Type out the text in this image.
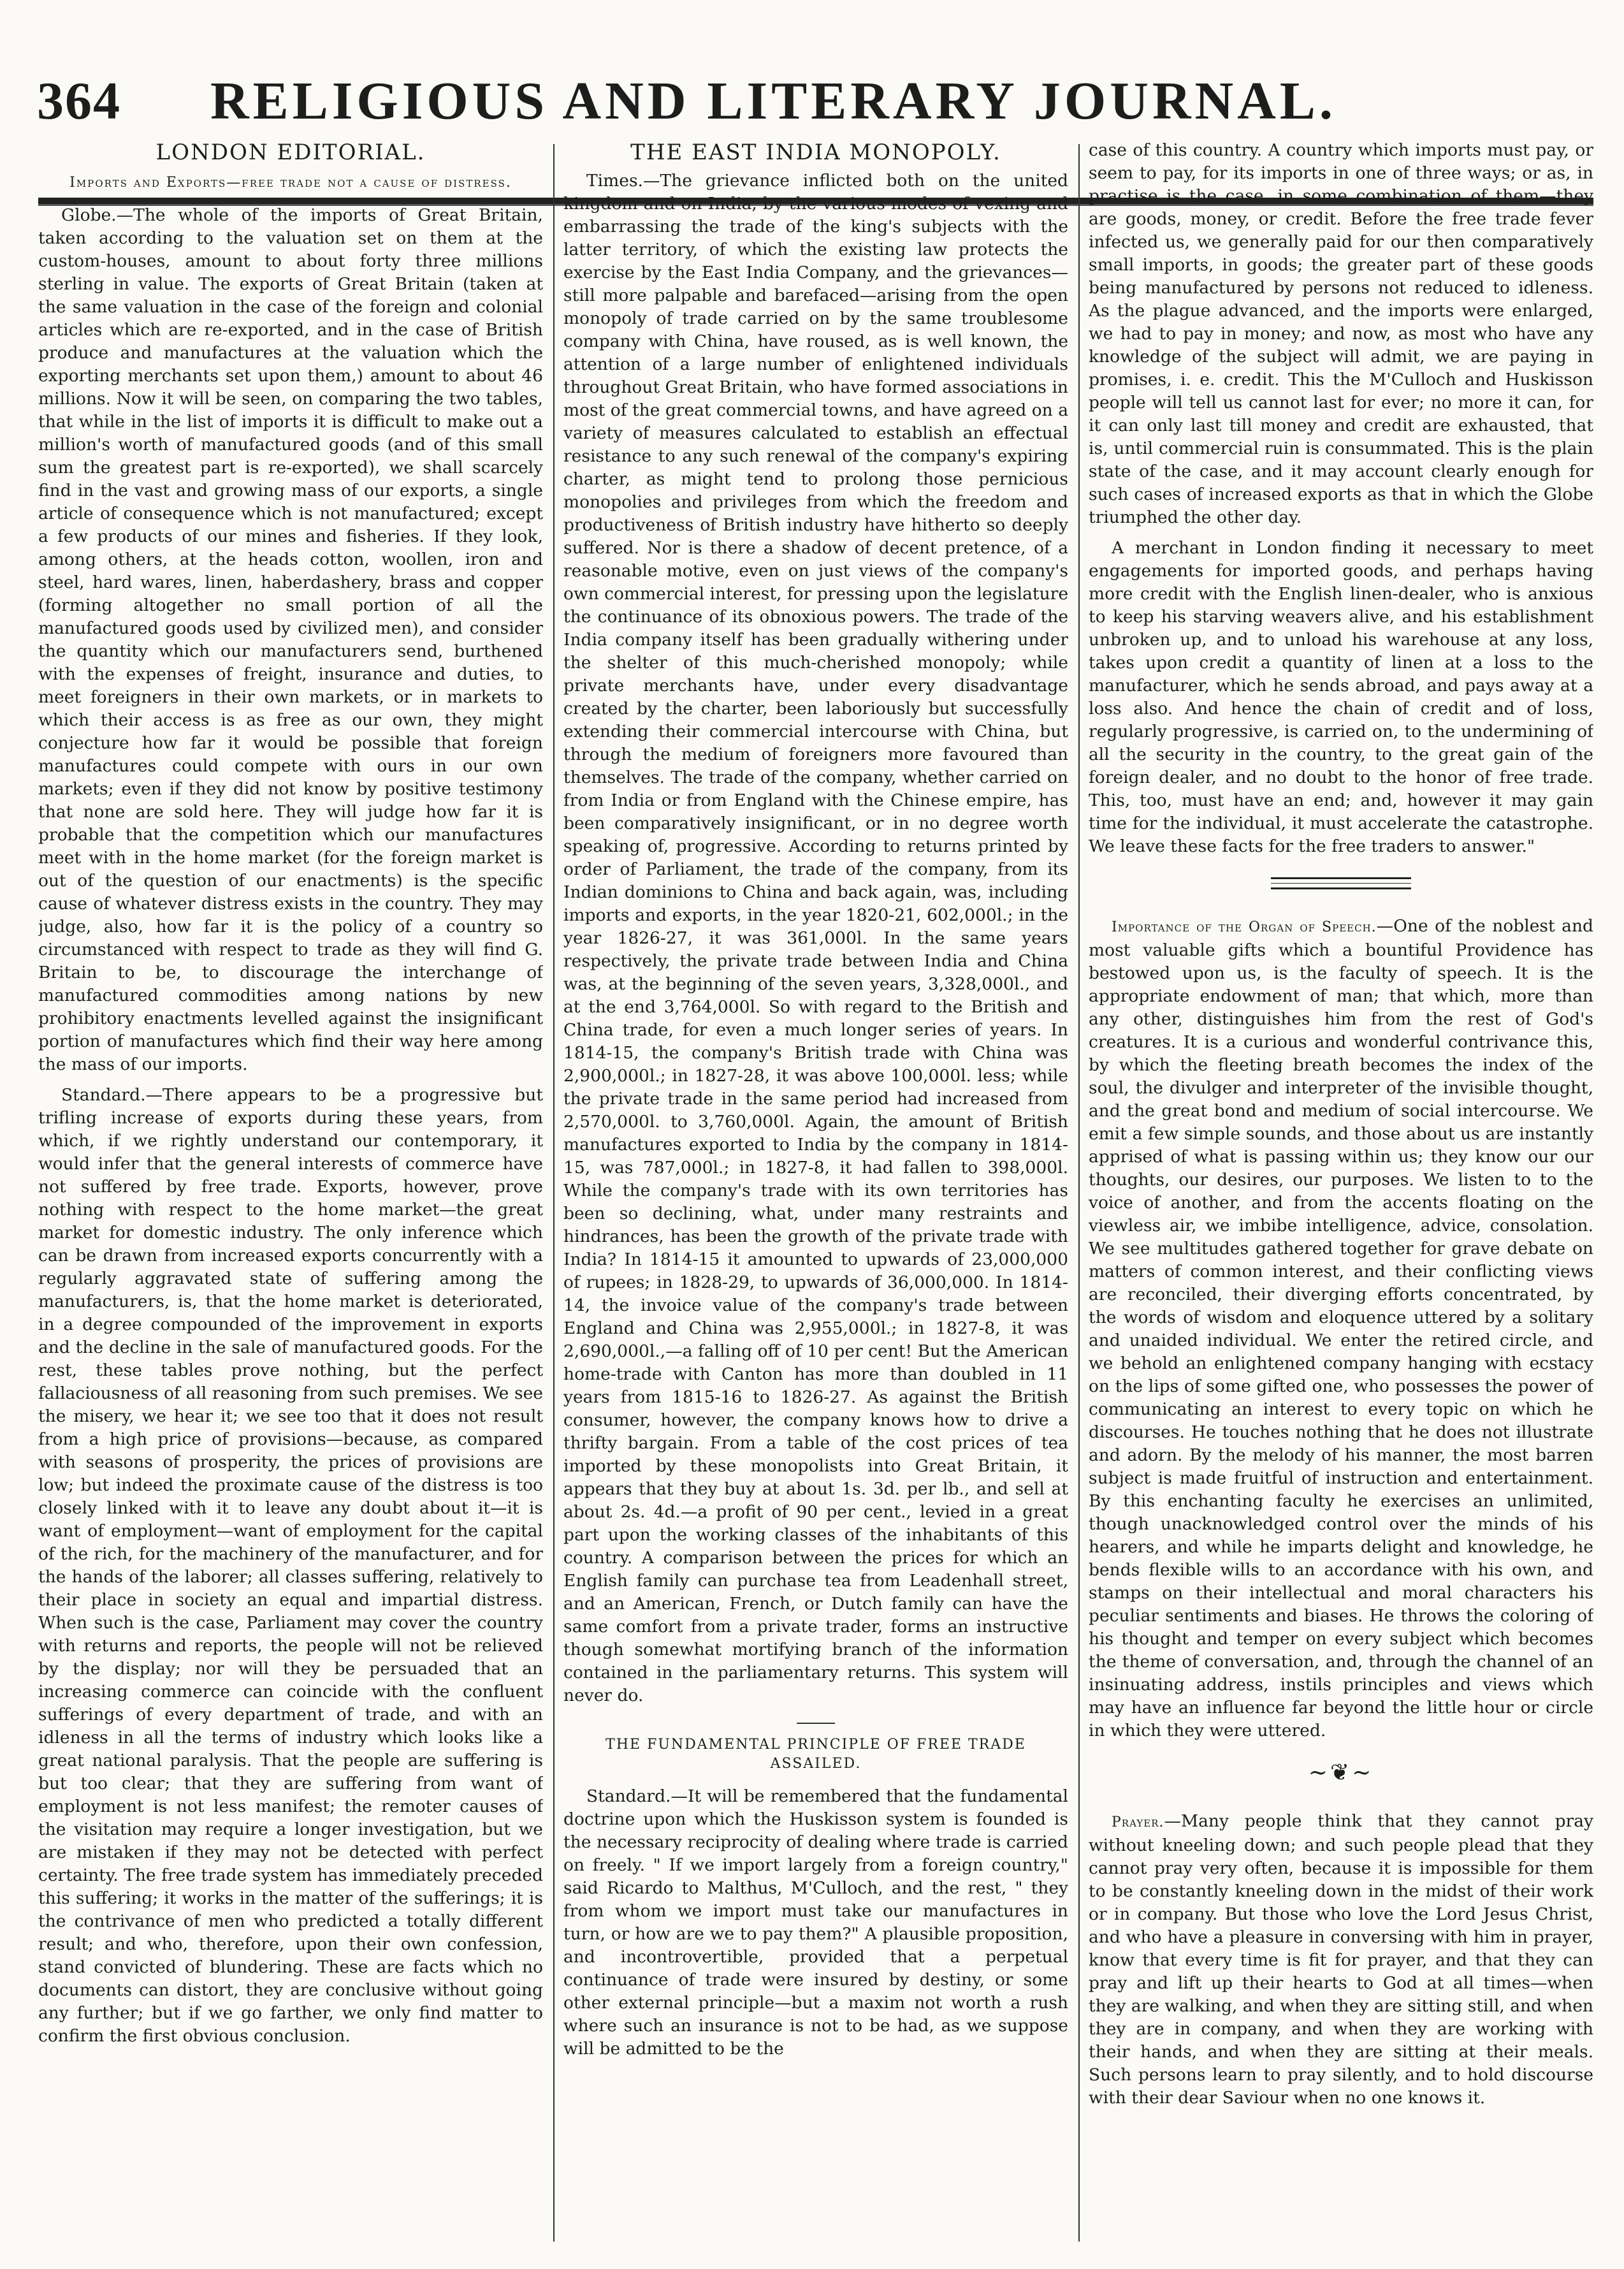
364 RELIGIOUS AND LITERARY JOURNAL.
LONDON EDITORIAL.
Imports and Exports—free trade not a cause of distress.

Globe.—The whole of the imports of Great Britain, taken according to the valuation set on them at the custom-houses, amount to about forty three millions sterling in value. The exports of Great Britain (taken at the same valuation in the case of the foreign and colonial articles which are re-exported, and in the case of British produce and manufactures at the valuation which the exporting merchants set upon them,) amount to about 46 millions. Now it will be seen, on comparing the two tables, that while in the list of imports it is difficult to make out a million's worth of manufactured goods (and of this small sum the greatest part is re-exported), we shall scarcely find in the vast and growing mass of our exports, a single article of consequence which is not manufactured; except a few products of our mines and fisheries. If they look, among others, at the heads cotton, woollen, iron and steel, hard wares, linen, haberdashery, brass and copper (forming altogether no small portion of all the manufactured goods used by civilized men), and consider the quantity which our manufacturers send, burthened with the expenses of freight, insurance and duties, to meet foreigners in their own markets, or in markets to which their access is as free as our own, they might conjecture how far it would be possible that foreign manufactures could compete with ours in our own markets; even if they did not know by positive testimony that none are sold here. They will judge how far it is probable that the competition which our manufactures meet with in the home market (for the foreign market is out of the question of our enactments) is the specific cause of whatever distress exists in the country. They may judge, also, how far it is the policy of a country so circumstanced with respect to trade as they will find G. Britain to be, to discourage the interchange of manufactured commodities among nations by new prohibitory enactments levelled against the insignificant portion of manufactures which find their way here among the mass of our imports.

Standard.—There appears to be a progressive but trifling increase of exports during these years, from which, if we rightly understand our contemporary, it would infer that the general interests of commerce have not suffered by free trade. Exports, however, prove nothing with respect to the home market—the great market for domestic industry. The only inference which can be drawn from increased exports concurrently with a regularly aggravated state of suffering among the manufacturers, is, that the home market is deteriorated, in a degree compounded of the improvement in exports and the decline in the sale of manufactured goods. For the rest, these tables prove nothing, but the perfect fallaciousness of all reasoning from such premises. We see the misery, we hear it; we see too that it does not result from a high price of provisions—because, as compared with seasons of prosperity, the prices of provisions are low; but indeed the proximate cause of the distress is too closely linked with it to leave any doubt about it—it is want of employment—want of employment for the capital of the rich, for the machinery of the manufacturer, and for the hands of the laborer; all classes suffering, relatively to their place in society an equal and impartial distress. When such is the case, Parliament may cover the country with returns and reports, the people will not be relieved by the display; nor will they be persuaded that an increasing commerce can coincide with the confluent sufferings of every department of trade, and with an idleness in all the terms of industry which looks like a great national paralysis. That the people are suffering is but too clear; that they are suffering from want of employment is not less manifest; the remoter causes of the visitation may require a longer investigation, but we are mistaken if they may not be detected with perfect certainty. The free trade system has immediately preceded this suffering; it works in the matter of the sufferings; it is the contrivance of men who predicted a totally different result; and who, therefore, upon their own confession, stand convicted of blundering. These are facts which no documents can distort, they are conclusive without going any further; but if we go farther, we only find matter to confirm the first obvious conclusion.

THE EAST INDIA MONOPOLY.

Times.—The grievance inflicted both on the united kingdom and on India, by the various modes of vexing and embarrassing the trade of the king's subjects with the latter territory, of which the existing law protects the exercise by the East India Company, and the grievances—still more palpable and barefaced—arising from the open monopoly of trade carried on by the same troublesome company with China, have roused, as is well known, the attention of a large number of enlightened individuals throughout Great Britain, who have formed associations in most of the great commercial towns, and have agreed on a variety of measures calculated to establish an effectual resistance to any such renewal of the company's expiring charter, as might tend to prolong those pernicious monopolies and privileges from which the freedom and productiveness of British industry have hitherto so deeply suffered. Nor is there a shadow of decent pretence, of a reasonable motive, even on just views of the company's own commercial interest, for pressing upon the legislature the continuance of its obnoxious powers. The trade of the India company itself has been gradually withering under the shelter of this much-cherished monopoly; while private merchants have, under every disadvantage created by the charter, been laboriously but successfully extending their commercial intercourse with China, but through the medium of foreigners more favoured than themselves. The trade of the company, whether carried on from India or from England with the Chinese empire, has been comparatively insignificant, or in no degree worth speaking of, progressive. According to returns printed by order of Parliament, the trade of the company, from its Indian dominions to China and back again, was, including imports and exports, in the year 1820-21, 602,000l.; in the year 1826-27, it was 361,000l. In the same years respectively, the private trade between India and China was, at the beginning of the seven years, 3,328,000l., and at the end 3,764,000l. So with regard to the British and China trade, for even a much longer series of years. In 1814-15, the company's British trade with China was 2,900,000l.; in 1827-28, it was above 100,000l. less; while the private trade in the same period had increased from 2,570,000l. to 3,760,000l. Again, the amount of British manufactures exported to India by the company in 1814-15, was 787,000l.; in 1827-8, it had fallen to 398,000l. While the company's trade with its own territories has been so declining, what, under many restraints and hindrances, has been the growth of the private trade with India? In 1814-15 it amounted to upwards of 23,000,000 of rupees; in 1828-29, to upwards of 36,000,000. In 1814-14, the invoice value of the company's trade between England and China was 2,955,000l.; in 1827-8, it was 2,690,000l.,—a falling off of 10 per cent! But the American home-trade with Canton has more than doubled in 11 years from 1815-16 to 1826-27. As against the British consumer, however, the company knows how to drive a thrifty bargain. From a table of the cost prices of tea imported by these monopolists into Great Britain, it appears that they buy at about 1s. 3d. per lb., and sell at about 2s. 4d.—a profit of 90 per cent., levied in a great part upon the working classes of the inhabitants of this country. A comparison between the prices for which an English family can purchase tea from Leadenhall street, and an American, French, or Dutch family can have the same comfort from a private trader, forms an instructive though somewhat mortifying branch of the information contained in the parliamentary returns. This system will never do.

THE FUNDAMENTAL PRINCIPLE OF FREE TRADE ASSAILED.

Standard.—It will be remembered that the fundamental doctrine upon which the Huskisson system is founded is the necessary reciprocity of dealing where trade is carried on freely. " If we import largely from a foreign country," said Ricardo to Malthus, M'Culloch, and the rest, " they from whom we import must take our manufactures in turn, or how are we to pay them?" A plausible proposition, and incontrovertible, provided that a perpetual continuance of trade were insured by destiny, or some other external principle—but a maxim not worth a rush where such an insurance is not to be had, as we suppose will be admitted to be the

case of this country. A country which imports must pay, or seem to pay, for its imports in one of three ways; or as, in practise is the case, in some combination of them—they are goods, money, or credit. Before the free trade fever infected us, we generally paid for our then comparatively small imports, in goods; the greater part of these goods being manufactured by persons not reduced to idleness. As the plague advanced, and the imports were enlarged, we had to pay in money; and now, as most who have any knowledge of the subject will admit, we are paying in promises, i. e. credit. This the M'Culloch and Huskisson people will tell us cannot last for ever; no more it can, for it can only last till money and credit are exhausted, that is, until commercial ruin is consummated. This is the plain state of the case, and it may account clearly enough for such cases of increased exports as that in which the Globe triumphed the other day.

A merchant in London finding it necessary to meet engagements for imported goods, and perhaps having more credit with the English linen-dealer, who is anxious to keep his starving weavers alive, and his establishment unbroken up, and to unload his warehouse at any loss, takes upon credit a quantity of linen at a loss to the manufacturer, which he sends abroad, and pays away at a loss also. And hence the chain of credit and of loss, regularly progressive, is carried on, to the undermining of all the security in the country, to the great gain of the foreign dealer, and no doubt to the honor of free trade. This, too, must have an end; and, however it may gain time for the individual, it must accelerate the catastrophe. We leave these facts for the free traders to answer."

Importance of the Organ of Speech.—One of the noblest and most valuable gifts which a bountiful Providence has bestowed upon us, is the faculty of speech. It is the appropriate endowment of man; that which, more than any other, distinguishes him from the rest of God's creatures. It is a curious and wonderful contrivance this, by which the fleeting breath becomes the index of the soul, the divulger and interpreter of the invisible thought, and the great bond and medium of social intercourse. We emit a few simple sounds, and those about us are instantly apprised of what is passing within us; they know our our thoughts, our desires, our purposes. We listen to to the voice of another, and from the accents floating on the viewless air, we imbibe intelligence, advice, consolation. We see multitudes gathered together for grave debate on matters of common interest, and their conflicting views are reconciled, their diverging efforts concentrated, by the words of wisdom and eloquence uttered by a solitary and unaided individual. We enter the retired circle, and we behold an enlightened company hanging with ecstacy on the lips of some gifted one, who possesses the power of communicating an interest to every topic on which he discourses. He touches nothing that he does not illustrate and adorn. By the melody of his manner, the most barren subject is made fruitful of instruction and entertainment. By this enchanting faculty he exercises an unlimited, though unacknowledged control over the minds of his hearers, and while he imparts delight and knowledge, he bends flexible wills to an accordance with his own, and stamps on their intellectual and moral characters his peculiar sentiments and biases. He throws the coloring of his thought and temper on every subject which becomes the theme of conversation, and, through the channel of an insinuating address, instils principles and views which may have an influence far beyond the little hour or circle in which they were uttered.

~❦~

Prayer.—Many people think that they cannot pray without kneeling down; and such people plead that they cannot pray very often, because it is impossible for them to be constantly kneeling down in the midst of their work or in company. But those who love the Lord Jesus Christ, and who have a pleasure in conversing with him in prayer, know that every time is fit for prayer, and that they can pray and lift up their hearts to God at all times—when they are walking, and when they are sitting still, and when they are in company, and when they are working with their hands, and when they are sitting at their meals. Such persons learn to pray silently, and to hold discourse with their dear Saviour when no one knows it.
